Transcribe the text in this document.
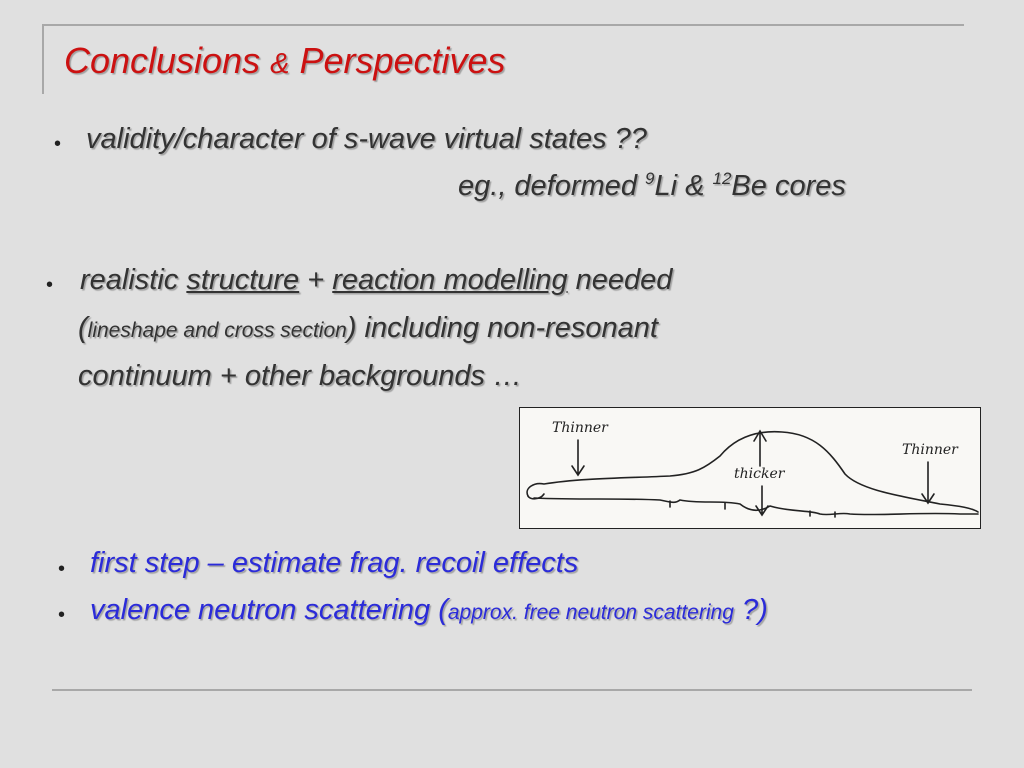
Conclusions & Perspectives
• validity/character of s-wave virtual states ??
eg., deformed $^9$Li & $^{12}$Be cores
• realistic structure + reaction modelling needed
(lineshape and cross section) including non-resonant
continuum + other backgrounds …
Thinner
thicker
Thinner
• first step – estimate frag. recoil effects
• valence neutron scattering (approx. free neutron scattering ?)
